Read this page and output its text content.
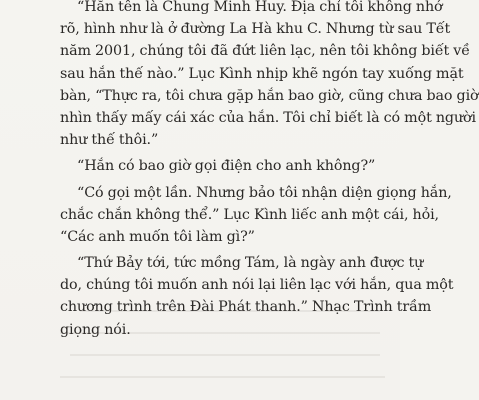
“Hắn tên là Chung Minh Huy. Địa chỉ tôi không nhớ
rõ, hình như là ở đường La Hà khu C. Nhưng từ sau Tết
năm 2001, chúng tôi đã đứt liên lạc, nên tôi không biết về
sau hắn thế nào.” Lục Kình nhịp khẽ ngón tay xuống mặt
bàn, “Thực ra, tôi chưa gặp hắn bao giờ, cũng chưa bao giờ
nhìn thấy mấy cái xác của hắn. Tôi chỉ biết là có một người
như thế thôi.”
“Hắn có bao giờ gọi điện cho anh không?”
“Có gọi một lần. Nhưng bảo tôi nhận diện giọng hắn,
chắc chắn không thể.” Lục Kình liếc anh một cái, hỏi,
“Các anh muốn tôi làm gì?”
“Thứ Bảy tới, tức mồng Tám, là ngày anh được tự
do, chúng tôi muốn anh nói lại liên lạc với hắn, qua một
chương trình trên Đài Phát thanh.” Nhạc Trình trầm
giọng nói.
